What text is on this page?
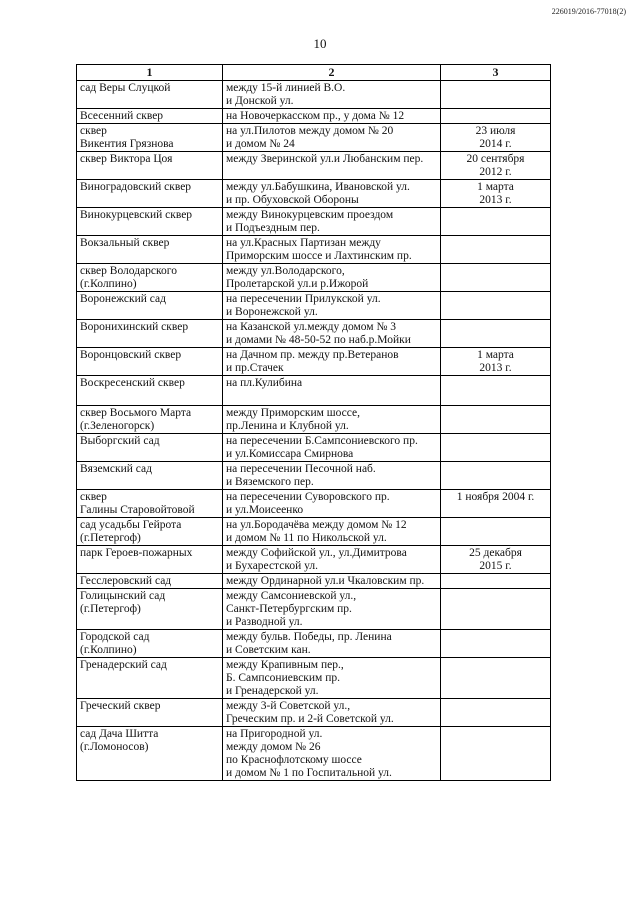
226019/2016-77018(2)
10
1	2	3

сад Веры Слуцкой	между 15-й линией В.О.
и Донской ул.	

Всесенний сквер	на Новочеркасском пр., у дома № 12	

сквер
Викентия Грязнова	на ул.Пилотов между домом № 20
и домом № 24	23 июля
2014 г.

сквер Виктора Цоя	между Зверинской ул.и Любанским пер.	20 сентября
2012 г.

Виноградовский сквер	между ул.Бабушкина, Ивановской ул.
и пр. Обуховской Обороны	1 марта
2013 г.

Винокурцевский сквер	между Винокурцевским проездом
и Подъездным пер.	

Вокзальный сквер	на ул.Красных Партизан между
Приморским шоссе и Лахтинским пр.	

сквер Володарского
(г.Колпино)	между ул.Володарского,
Пролетарской ул.и р.Ижорой	

Воронежский сад	на пересечении Прилукской ул.
и Воронежской ул.	

Воронихинский сквер	на Казанской ул.между домом № 3
и домами № 48-50-52 по наб.р.Мойки	

Воронцовский сквер	на Дачном пр. между пр.Ветеранов
и пр.Стачек	1 марта
2013 г.

Воскресенский сквер	на пл.Кулибина	

сквер Восьмого Марта
(г.Зеленогорск)	между Приморским шоссе,
пр.Ленина и Клубной ул.	

Выборгский сад	на пересечении Б.Сампсониевского пр.
и ул.Комиссара Смирнова	

Вяземский сад	на пересечении Песочной наб.
и Вяземского пер.	

сквер
Галины Старовойтовой	на пересечении Суворовского пр.
и ул.Моисеенко	1 ноября 2004 г.

сад усадьбы Гейрота
(г.Петергоф)	на ул.Бородачёва между домом № 12
и домом № 11 по Никольской ул.	

парк Героев-пожарных	между Софийской ул., ул.Димитрова
и Бухарестской ул.	25 декабря
2015 г.

Гесслеровский сад	между Ординарной ул.и Чкаловским пр.	

Голицынский сад
(г.Петергоф)	между Самсониевской ул.,
Санкт-Петербургским пр.
и Разводной ул.	

Городской сад
(г.Колпино)	между бульв. Победы, пр. Ленина
и Советским кан.	

Гренадерский сад	между Крапивным пер.,
Б. Сампсониевским пр.
и Гренадерской ул.	

Греческий сквер	между 3-й Советской ул.,
Греческим пр. и 2-й Советской ул.	

сад Дача Шитта
(г.Ломоносов)	на Пригородной ул.
между домом № 26
по Краснофлотскому шоссе
и домом № 1 по Госпитальной ул.	
